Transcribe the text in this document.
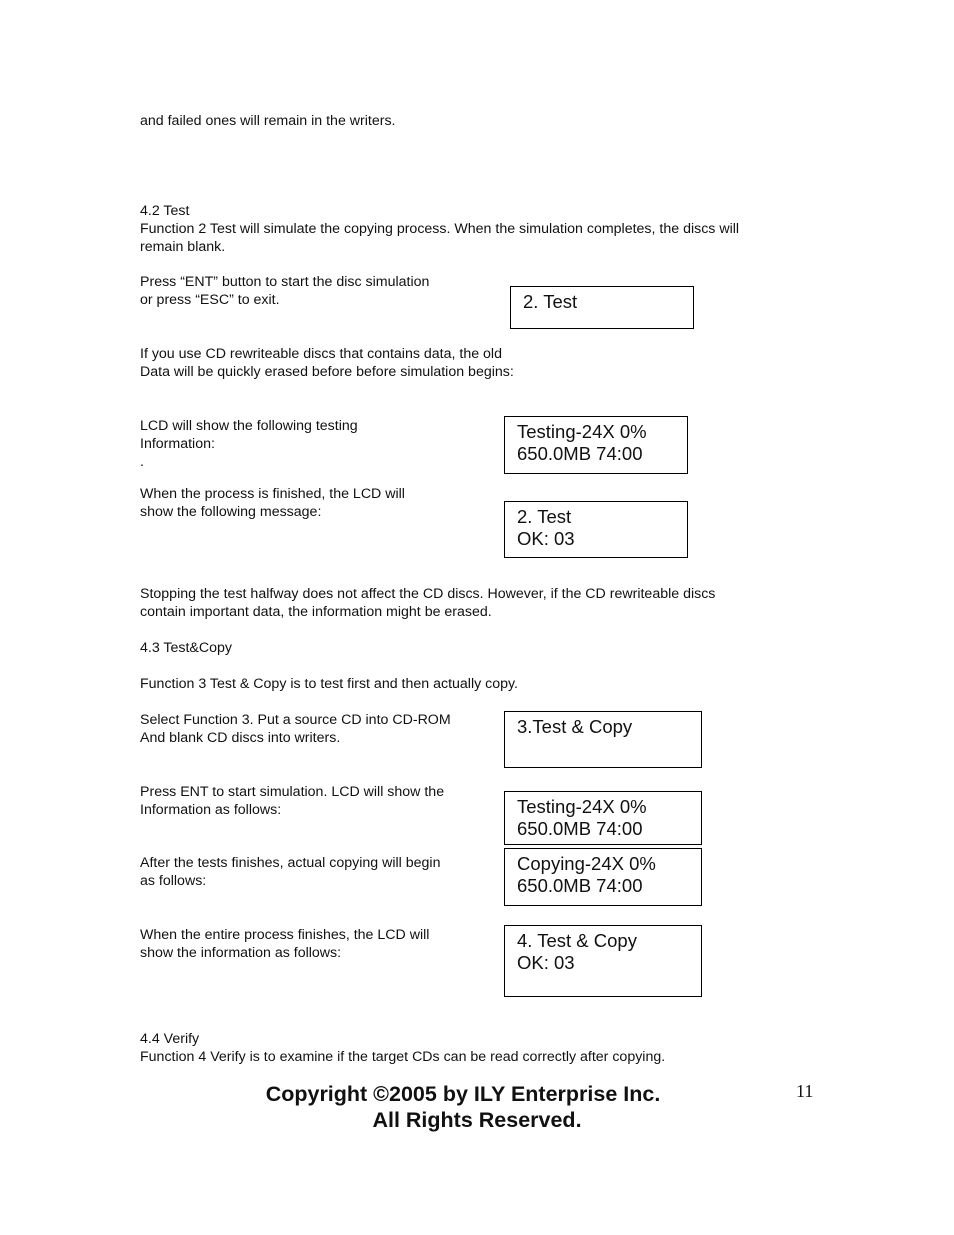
and failed ones will remain in the writers.
4.2 Test
Function 2 Test will simulate the copying process. When the simulation completes, the discs will
remain blank.
Press “ENT” button to start the disc simulation
or press “ESC” to exit.	2. Test
If you use CD rewriteable discs that contains data, the old
Data will be quickly erased before before simulation begins:
LCD will show the following testing
Information:
.
Testing-24X 0%
650.0MB 74:00
When the process is finished, the LCD will
show the following message:	2. Test
OK: 03
Stopping the test halfway does not affect the CD discs. However, if the CD rewriteable discs
contain important data, the information might be erased.
4.3 Test&Copy
Function 3 Test & Copy is to test first and then actually copy.
Select Function 3. Put a source CD into CD-ROM
And blank CD discs into writers.
3.Test & Copy
Press ENT to start simulation. LCD will show the
Information as follows:	Testing-24X 0%
650.0MB 74:00
After the tests finishes, actual copying will begin
as follows:
Copying-24X 0%
650.0MB 74:00
When the entire process finishes, the LCD will
show the information as follows:
4. Test & Copy
OK: 03
4.4 Verify
Function 4 Verify is to examine if the target CDs can be read correctly after copying.
Copyright ©2005 by ILY Enterprise Inc.
All Rights Reserved.
11
